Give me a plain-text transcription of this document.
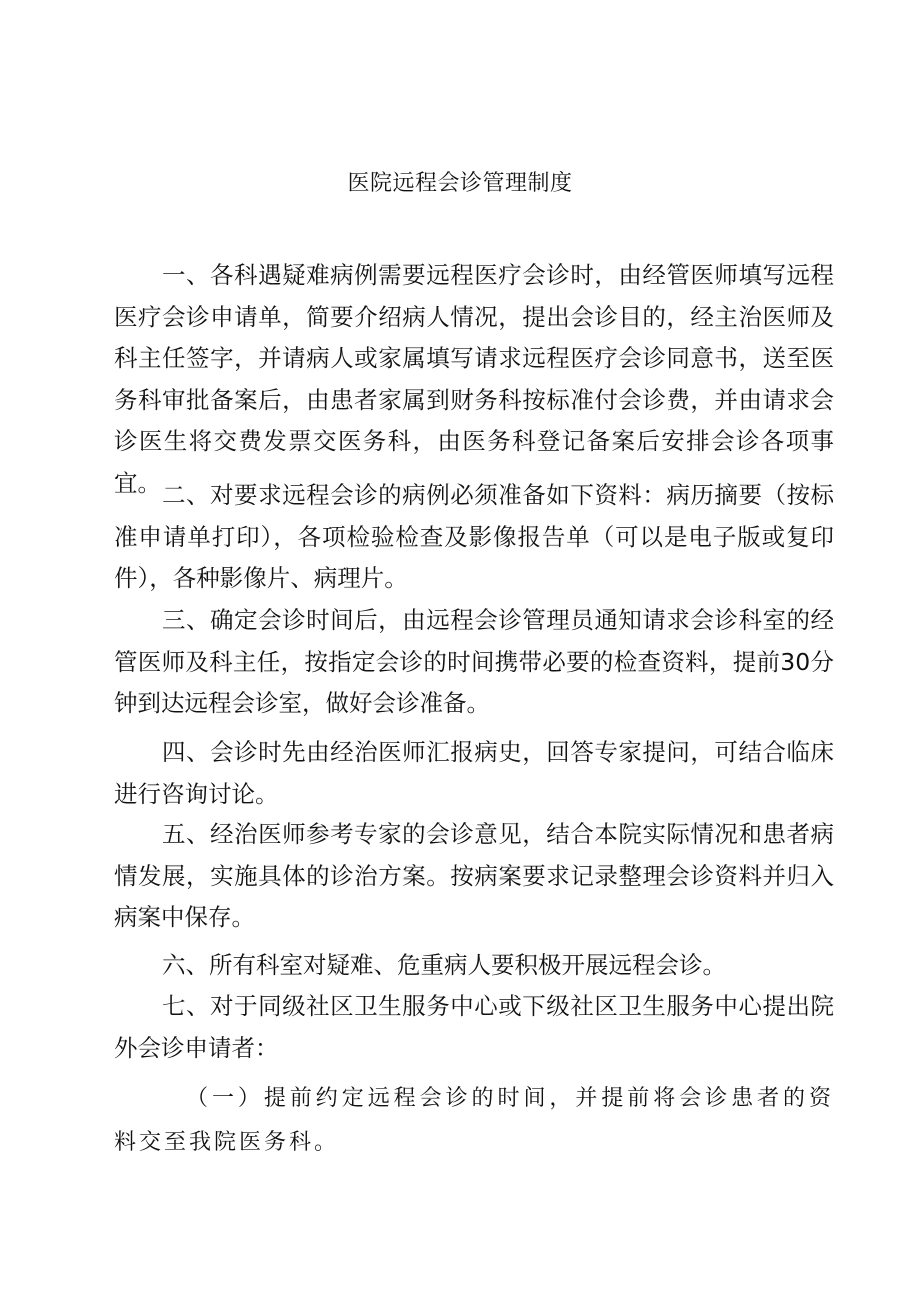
医院远程会诊管理制度

一、各科遇疑难病例需要远程医疗会诊时，由经管医师填写远程医疗会诊申请单，简要介绍病人情况，提出会诊目的，经主治医师及科主任签字，并请病人或家属填写请求远程医疗会诊同意书，送至医务科审批备案后，由患者家属到财务科按标准付会诊费，并由请求会诊医生将交费发票交医务科，由医务科登记备案后安排会诊各项事宜。 二、对要求远程会诊的病例必须准备如下资料：病历摘要（按标准申请单打印），各项检验检查及影像报告单（可以是电子版或复印件），各种影像片、病理片。

三、确定会诊时间后，由远程会诊管理员通知请求会诊科室的经管医师及科主任，按指定会诊的时间携带必要的检查资料，提前30分钟到达远程会诊室，做好会诊准备。

四、会诊时先由经治医师汇报病史，回答专家提问，可结合临床进行咨询讨论。

五、经治医师参考专家的会诊意见，结合本院实际情况和患者病情发展，实施具体的诊治方案。按病案要求记录整理会诊资料并归入病案中保存。

六、所有科室对疑难、危重病人要积极开展远程会诊。

七、对于同级社区卫生服务中心或下级社区卫生服务中心提出院外会诊申请者：

（一）提前约定远程会诊的时间，并提前将会诊患者的资料交至我院医务科。
